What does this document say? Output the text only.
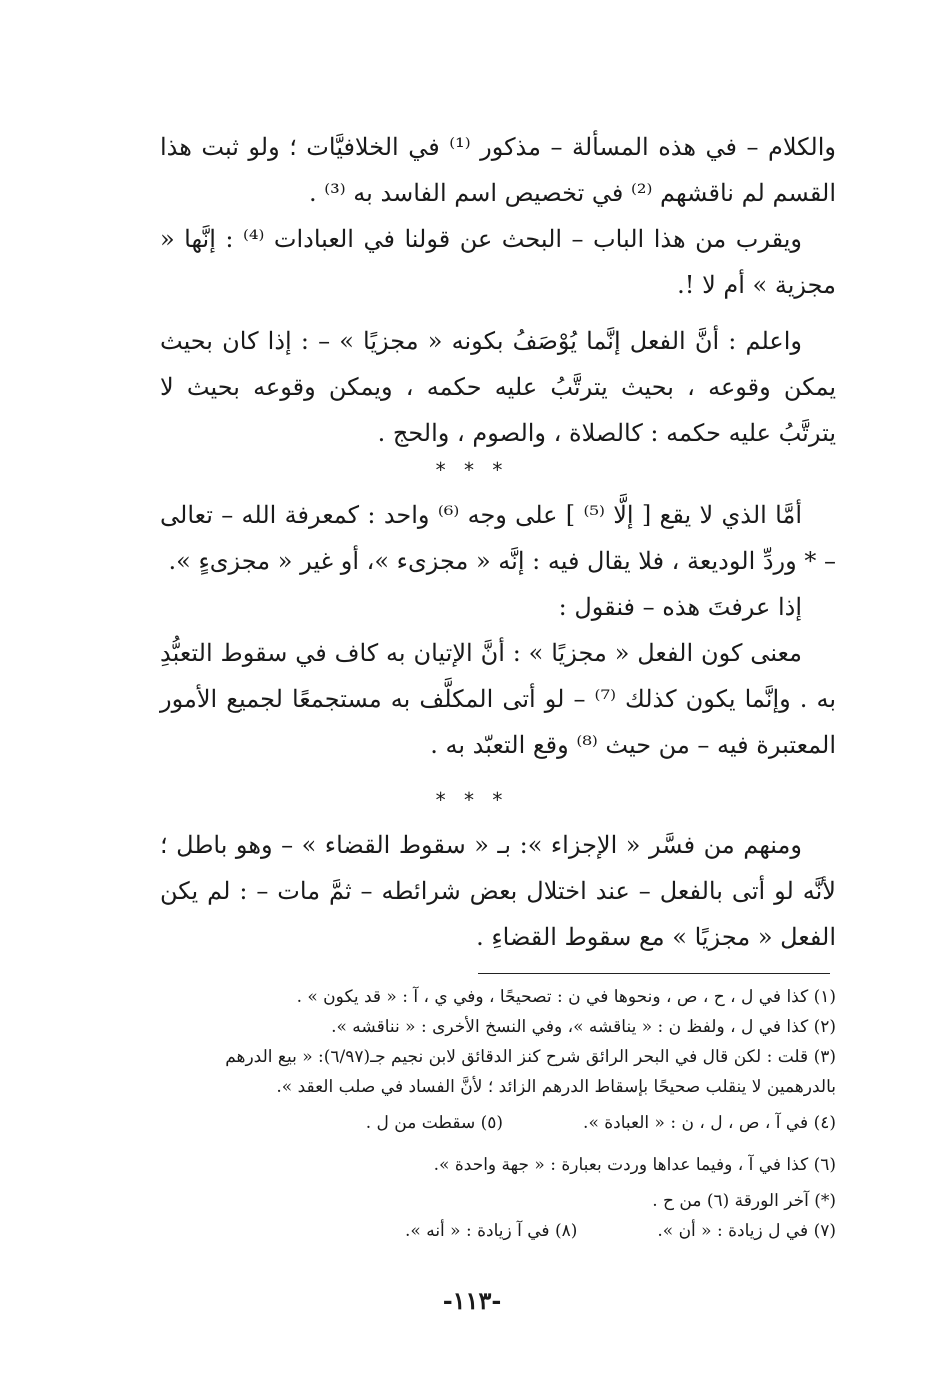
والكلام – في هذه المسألة – مذكور ⁽¹⁾ في الخلافيَّات ؛ ولو ثبت هذا القسم لم ناقشهم ⁽²⁾ في تخصيص اسم الفاسد به ⁽³⁾ .

ويقرب من هذا الباب – البحث عن قولنا في العبادات ⁽⁴⁾ : إنَّها « مجزية » أم لا !.

واعلم : أنَّ الفعل إنَّما يُوْصَفُ بكونه « مجزيًا » – : إذا كان بحيث يمكن وقوعه ، بحيث يترتَّبُ عليه حكمه ، ويمكن وقوعه بحيث لا يترتَّبُ عليه حكمه : كالصلاة ، والصوم ، والحج .

* * *

أمَّا الذي لا يقع [ إلَّا ⁽⁵⁾ ] على وجه ⁽⁶⁾ واحد : كمعرفة الله – تعالى – * وردِّ الوديعة ، فلا يقال فيه : إنَّه « مجزىء »، أو غير « مجزىءٍ ».

إذا عرفتَ هذه – فنقول :

معنى كون الفعل « مجزيًا » : أنَّ الإتيان به كاف في سقوط التعبُّدِ به . وإنَّما يكون كذلك ⁽⁷⁾ – لو أتى المكلَّف به مستجمعًا لجميع الأمور المعتبرة فيه – من حيث ⁽⁸⁾ وقع التعبّد به .

* * *

ومنهم من فسَّر « الإجزاء »: بـ « سقوط القضاء » – وهو باطل ؛ لأنَّه لو أتى بالفعل – عند اختلال بعض شرائطه – ثمَّ مات – : لم يكن الفعل « مجزيًا » مع سقوط القضاءِ .

(١) كذا في ل ، ح ، ص ، ونحوها في ن : تصحيحًا ، وفي ي ، آ : « قد يكون » .

(٢) كذا في ل ، ولفظ ن : « يناقشه »، وفي النسخ الأخرى : « نناقشه ».

(٣) قلت : لكن قال في البحر الرائق شرح كنز الدقائق لابن نجيم جـ(٦/٩٧): « بيع الدرهم بالدرهمين لا ينقلب صحيحًا بإسقاط الدرهم الزائد ؛ لأنَّ الفساد في صلب العقد ».

(٤) في آ ، ص ، ل ، ن : « العبادة ».
(٥) سقطت من ل .

(٦) كذا في آ ، وفيما عداها وردت بعبارة : « جهة واحدة ».

(*) آخر الورقة (٦) من ح .

(٧) في ل زيادة : « أن ».
(٨) في آ زيادة : « أنه ».
-١١٣-
